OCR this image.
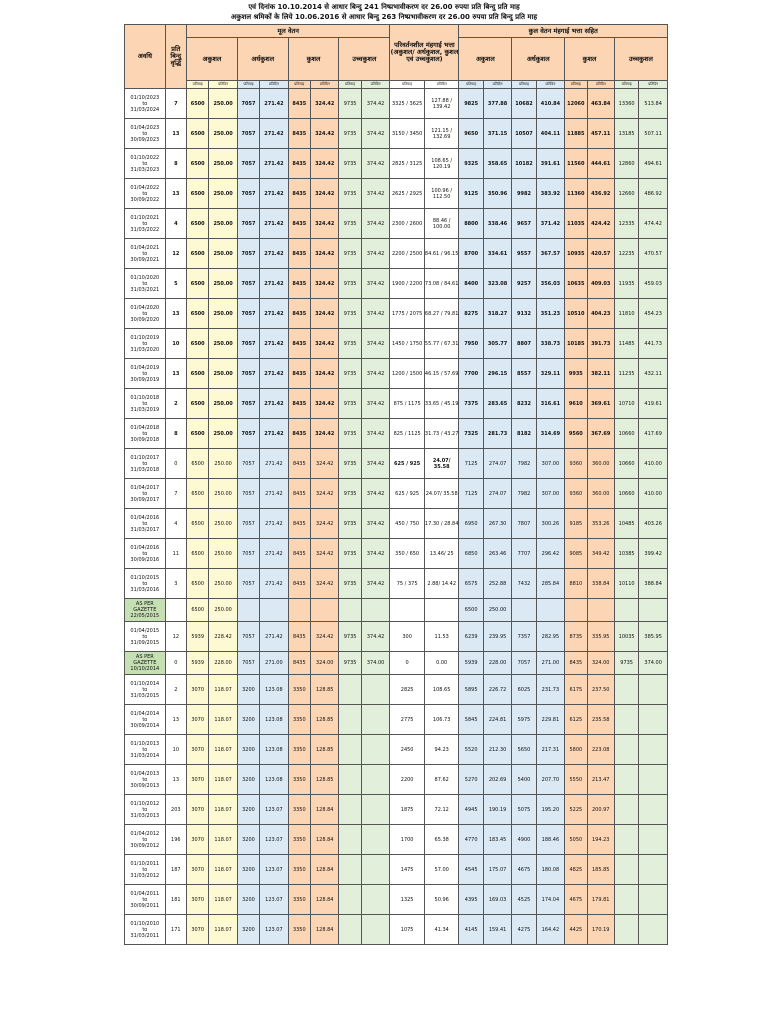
एवं दिनांक 10.10.2014 से आधार बिन्दु 241 निष्प्रभावीकरण दर 26.00 रुपया प्रति बिन्दु प्रति माह
अकुशल श्रमिकों के लिये 10.06.2016 से आधार बिन्दु 263 निष्प्रभावीकरण दर 26.00 रुपया प्रति बिन्दु प्रति माह
अवधि	प्रति बिन्दु वृद्धि	मूल वेतन								परिवर्तनशील मंहगाई भत्ता (अकुशल/ अर्धकुशल, कुशल एवं उच्चकुशल)		कुल वेतन मंहगाई भत्ता सहित							
		अकुशल		अर्धकुशल		कुशल		उच्चकुशल				अकुशल		अर्धकुशल		कुशल		उच्चकुशल	
		प्रतिमाह	प्रतिदिन	प्रतिमाह	प्रतिदिन	प्रतिमाह	प्रतिदिन	प्रतिमाह	प्रतिदिन	प्रतिमाह	प्रतिदिन	प्रतिमाह	प्रतिदिन	प्रतिमाह	प्रतिदिन	प्रतिमाह	प्रतिदिन	प्रतिमाह	प्रतिदिन

01/10/2023
to
31/03/2024	7	6500	250.00	7057	271.42	8435	324.42	9735	374.42	3325 / 3625	127.88 / 139.42	9825	377.88	10682	410.84	12060	463.84	13360	513.84

01/04/2023
to
30/09/2023	13	6500	250.00	7057	271.42	8435	324.42	9735	374.42	3150 / 3450	121.15 / 132.69	9650	371.15	10507	404.11	11885	457.11	13185	507.11

01/10/2022
to
31/03/2023	8	6500	250.00	7057	271.42	8435	324.42	9735	374.42	2825 / 3125	108.65 / 120.19	9325	358.65	10182	391.61	11560	444.61	12860	494.61

01/04/2022
to
30/09/2022	13	6500	250.00	7057	271.42	8435	324.42	9735	374.42	2625 / 2925	100.96 / 112.50	9125	350.96	9982	383.92	11360	436.92	12660	486.92

01/10/2021
to
31/03/2022	4	6500	250.00	7057	271.42	8435	324.42	9735	374.42	2300 / 2600	88.46 / 100.00	8800	338.46	9657	371.42	11035	424.42	12335	474.42

01/04/2021
to
30/09/2021	12	6500	250.00	7057	271.42	8435	324.42	9735	374.42	2200 / 2500	84.61 / 96.15	8700	334.61	9557	367.57	10935	420.57	12235	470.57

01/10/2020
to
31/03/2021	5	6500	250.00	7057	271.42	8435	324.42	9735	374.42	1900 / 2200	73.08 / 84.61	8400	323.08	9257	356.03	10635	409.03	11935	459.03

01/04/2020
to
30/09/2020	13	6500	250.00	7057	271.42	8435	324.42	9735	374.42	1775 / 2075	68.27 / 79.81	8275	318.27	9132	351.23	10510	404.23	11810	454.23

01/10/2019
to
31/03/2020	10	6500	250.00	7057	271.42	8435	324.42	9735	374.42	1450 / 1750	55.77 / 67.31	7950	305.77	8807	338.73	10185	391.73	11485	441.73

01/04/2019
to
30/09/2019	13	6500	250.00	7057	271.42	8435	324.42	9735	374.42	1200 / 1500	46.15 / 57.69	7700	296.15	8557	329.11	9935	382.11	11235	432.11

01/10/2018
to
31/03/2019	2	6500	250.00	7057	271.42	8435	324.42	9735	374.42	875 / 1175	33.65 / 45.19	7375	283.65	8232	316.61	9610	369.61	10710	419.61

01/04/2018
to
30/09/2018	8	6500	250.00	7057	271.42	8435	324.42	9735	374.42	825 / 1125	31.73 / 43.27	7325	281.73	8182	314.69	9560	367.69	10660	417.69

01/10/2017
to
31/03/2018	0	6500	250.00	7057	271.42	8435	324.42	9735	374.42	625 / 925	24.07/ 35.58	7125	274.07	7982	307.00	9360	360.00	10660	410.00

01/04/2017
to
30/09/2017	7	6500	250.00	7057	271.42	8435	324.42	9735	374.42	625 / 925	24.07/ 35.58	7125	274.07	7982	307.00	9360	360.00	10660	410.00

01/04/2016
to
31/03/2017	4	6500	250.00	7057	271.42	8435	324.42	9735	374.42	450 / 750	17.30 / 28.84	6950	267.30	7807	300.26	9185	353.26	10485	403.26

01/04/2016
to
30/09/2016	11	6500	250.00	7057	271.42	8435	324.42	9735	374.42	350 / 650	13.46/ 25	6850	263.46	7707	296.42	9085	349.42	10385	399.42

01/10/2015
to
31/03/2016	3	6500	250.00	7057	271.42	8435	324.42	9735	374.42	75 / 375	2.88/ 14.42	6575	252.88	7432	285.84	8810	338.84	10110	388.84

AS PER
GAZETTE
22/05/2015		6500	250.00									6500	250.00						

01/04/2015
to
31/09/2015	12	5939	228.42	7057	271.42	8435	324.42	9735	374.42	300	11.53	6239	239.95	7357	282.95	8735	335.95	10035	385.95

AS PER
GAZETTE
10/10/2014	0	5939	228.00	7057	271.00	8435	324.00	9735	374.00	0	0.00	5939	228.00	7057	271.00	8435	324.00	9735	374.00

01/10/2014
to
31/03/2015	2	3070	118.07	3200	123.08	3350	128.85			2825	108.65	5895	226.72	6025	231.73	6175	237.50		

01/04/2014
to
30/09/2014	13	3070	118.07	3200	123.08	3350	128.85			2775	106.73	5845	224.81	5975	229.81	6125	235.58		

01/10/2013
to
31/03/2014	10	3070	118.07	3200	123.08	3350	128.85			2450	94.23	5520	212.30	5650	217.31	5800	223.08		

01/04/2013
to
30/09/2013	13	3070	118.07	3200	123.08	3350	128.85			2200	87.62	5270	202.69	5400	207.70	5550	213.47		

01/10/2012
to
31/03/2013	203	3070	118.07	3200	123.07	3350	128.84			1875	72.12	4945	190.19	5075	195.20	5225	200.97		

01/04/2012
to
30/09/2012	196	3070	118.07	3200	123.07	3350	128.84			1700	65.38	4770	183.45	4900	188.46	5050	194.23		

01/10/2011
to
31/03/2012	187	3070	118.07	3200	123.07	3350	128.84			1475	57.00	4545	175.07	4675	180.08	4825	185.85		

01/04/2011
to
30/09/2011	181	3070	118.07	3200	123.07	3350	128.84			1325	50.96	4395	169.03	4525	174.04	4675	179.81		

01/10/2010
to
31/03/2011	171	3070	118.07	3200	123.07	3350	128.84			1075	41.34	4145	159.41	4275	164.42	4425	170.19		
